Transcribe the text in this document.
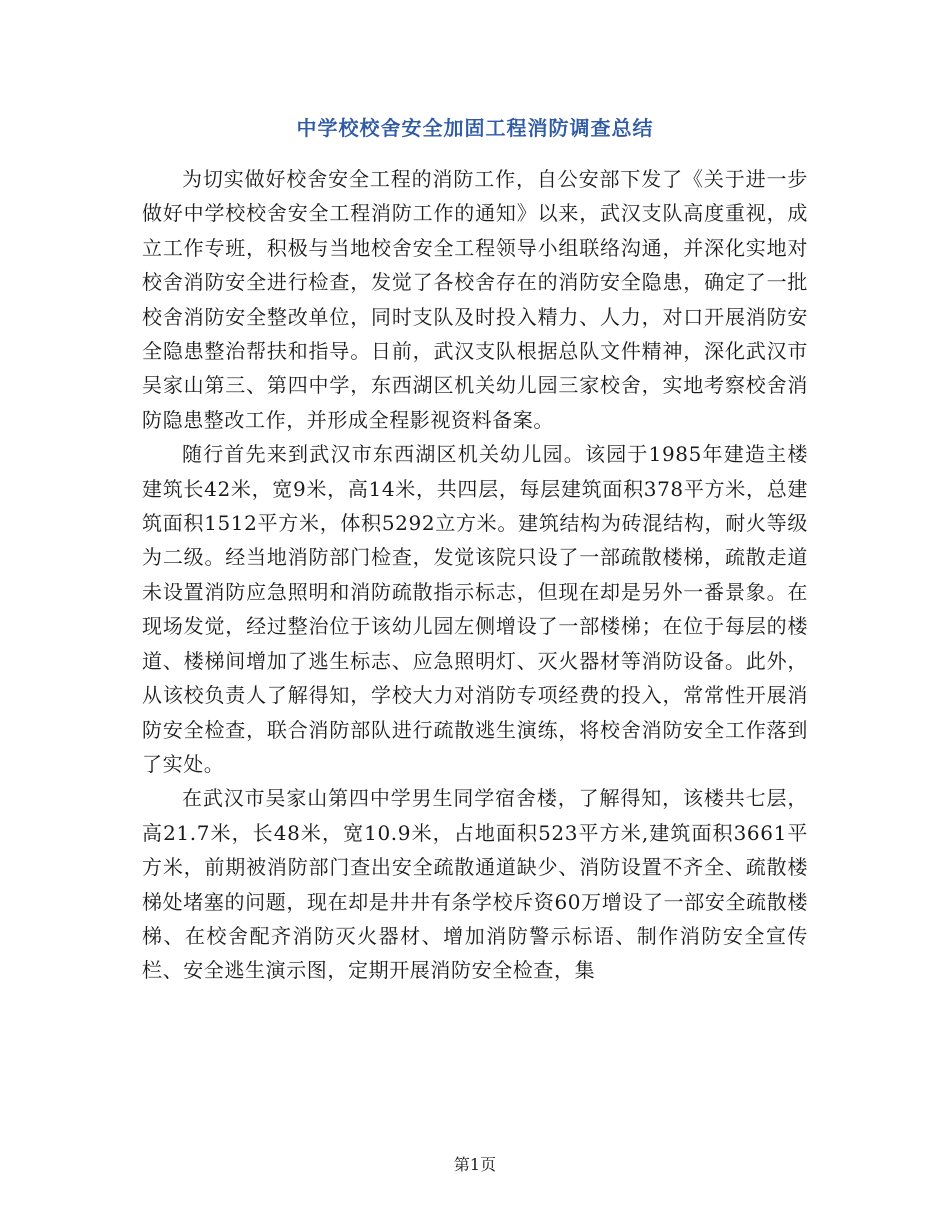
中学校校舍安全加固工程消防调查总结

为切实做好校舍安全工程的消防工作，自公安部下发了《关于进一步做好中学校校舍安全工程消防工作的通知》以来，武汉支队高度重视，成立工作专班，积极与当地校舍安全工程领导小组联络沟通，并深化实地对校舍消防安全进行检查，发觉了各校舍存在的消防安全隐患，确定了一批校舍消防安全整改单位，同时支队及时投入精力、人力，对口开展消防安全隐患整治帮扶和指导。日前，武汉支队根据总队文件精神，深化武汉市吴家山第三、第四中学，东西湖区机关幼儿园三家校舍，实地考察校舍消防隐患整改工作，并形成全程影视资料备案。

随行首先来到武汉市东西湖区机关幼儿园。该园于1985年建造主楼建筑长42米，宽9米，高14米，共四层，每层建筑面积378平方米，总建筑面积1512平方米，体积5292立方米。建筑结构为砖混结构，耐火等级为二级。经当地消防部门检查，发觉该院只设了一部疏散楼梯，疏散走道未设置消防应急照明和消防疏散指示标志，但现在却是另外一番景象。在现场发觉，经过整治位于该幼儿园左侧增设了一部楼梯；在位于每层的楼道、楼梯间增加了逃生标志、应急照明灯、灭火器材等消防设备。此外，从该校负责人了解得知，学校大力对消防专项经费的投入，常常性开展消防安全检查，联合消防部队进行疏散逃生演练，将校舍消防安全工作落到了实处。

在武汉市吴家山第四中学男生同学宿舍楼，了解得知，该楼共七层，高21.7米，长48米，宽10.9米，占地面积523平方米,建筑面积3661平方米，前期被消防部门查出安全疏散通道缺少、消防设置不齐全、疏散楼梯处堵塞的问题，现在却是井井有条学校斥资60万增设了一部安全疏散楼梯、在校舍配齐消防灭火器材、增加消防警示标语、制作消防安全宣传栏、安全逃生演示图，定期开展消防安全检查，集

第1页
